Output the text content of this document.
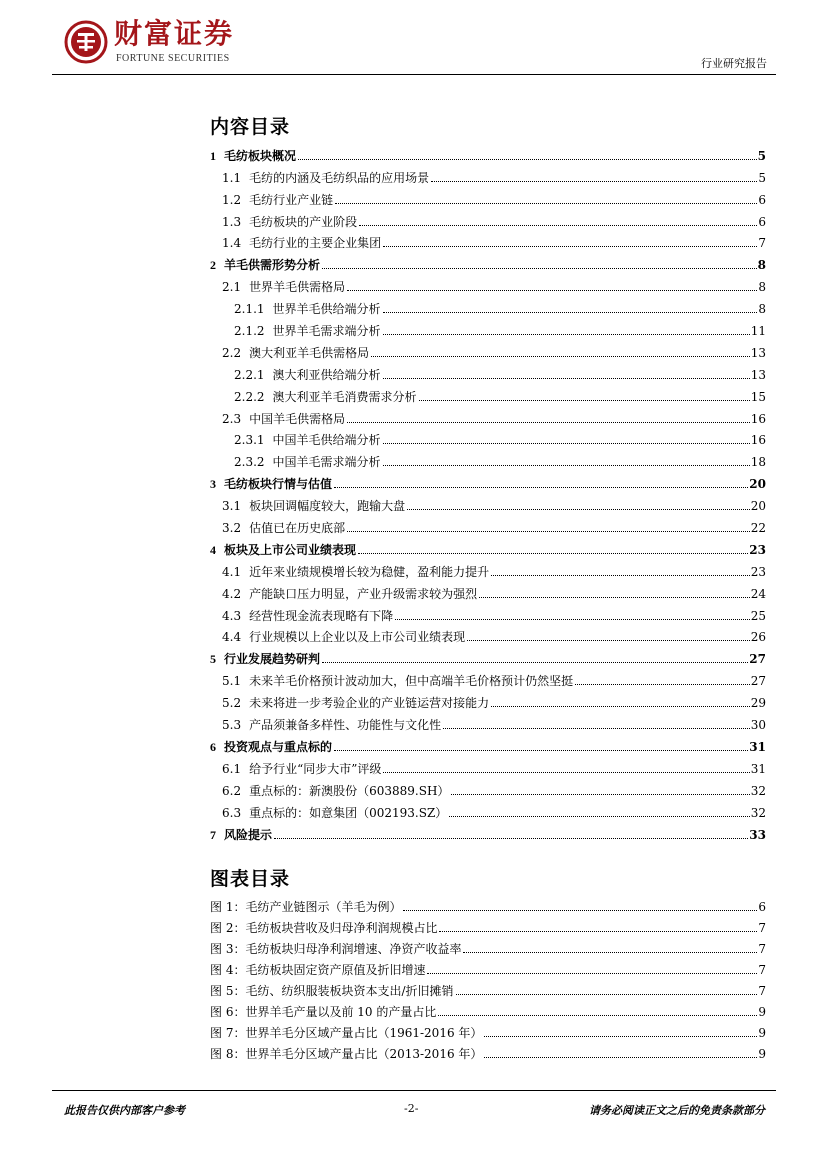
财富证券
FORTUNE SECURITIES	行业研究报告
内容目录
1 毛纺板块概况	5
1.1 毛纺的内涵及毛纺织品的应用场景	5
1.2 毛纺行业产业链	6
1.3 毛纺板块的产业阶段	6
1.4 毛纺行业的主要企业集团	7
2 羊毛供需形势分析	8
2.1 世界羊毛供需格局	8
2.1.1 世界羊毛供给端分析	8
2.1.2 世界羊毛需求端分析	11
2.2 澳大利亚羊毛供需格局	13
2.2.1 澳大利亚供给端分析	13
2.2.2 澳大利亚羊毛消费需求分析	15
2.3 中国羊毛供需格局	16
2.3.1 中国羊毛供给端分析	16
2.3.2 中国羊毛需求端分析	18
3 毛纺板块行情与估值	20
3.1 板块回调幅度较大，跑输大盘	20
3.2 估值已在历史底部	22
4 板块及上市公司业绩表现	23
4.1 近年来业绩规模增长较为稳健，盈利能力提升	23
4.2 产能缺口压力明显，产业升级需求较为强烈	24
4.3 经营性现金流表现略有下降	25
4.4 行业规模以上企业以及上市公司业绩表现	26
5 行业发展趋势研判	27
5.1 未来羊毛价格预计波动加大，但中高端羊毛价格预计仍然坚挺	27
5.2 未来将进一步考验企业的产业链运营对接能力	29
5.3 产品须兼备多样性、功能性与文化性	30
6 投资观点与重点标的	31
6.1 给予行业“同步大市”评级	31
6.2 重点标的：新澳股份（603889.SH）	32
6.3 重点标的：如意集团（002193.SZ）	32
7 风险提示	33
图表目录
图 1：毛纺产业链图示（羊毛为例）	6
图 2：毛纺板块营收及归母净利润规模占比	7
图 3：毛纺板块归母净利润增速、净资产收益率	7
图 4：毛纺板块固定资产原值及折旧增速	7
图 5：毛纺、纺织服装板块资本支出/折旧摊销	7
图 6：世界羊毛产量以及前 10 的产量占比	9
图 7：世界羊毛分区域产量占比（1961-2016 年）	9
图 8：世界羊毛分区域产量占比（2013-2016 年）	9
此报告仅供内部客户参考	-2-	请务必阅读正文之后的免责条款部分
